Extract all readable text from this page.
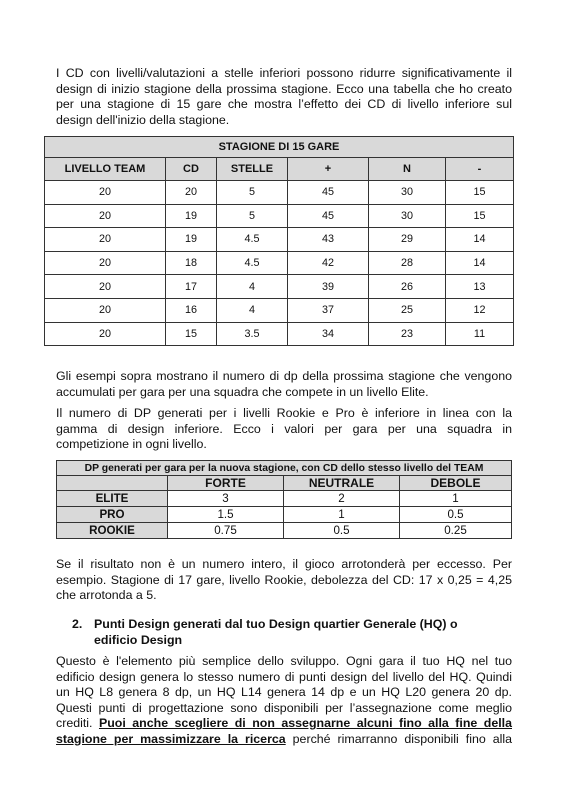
I CD con livelli/valutazioni a stelle inferiori possono ridurre significativamente il
design di inizio stagione della prossima stagione. Ecco una tabella che ho creato
per una stagione di 15 gare che mostra l’effetto dei CD di livello inferiore sul
design dell'inizio della stagione.

STAGIONE DI 15 GARE					
LIVELLO TEAM	CD	STELLE	+	N	-
20	20	5	45	30	15
20	19	5	45	30	15
20	19	4.5	43	29	14
20	18	4.5	42	28	14
20	17	4	39	26	13
20	16	4	37	25	12
20	15	3.5	34	23	11

Gli esempi sopra mostrano il numero di dp della prossima stagione che vengono
accumulati per gara per una squadra che compete in un livello Elite.

Il numero di DP generati per i livelli Rookie e Pro è inferiore in linea con la
gamma di design inferiore. Ecco i valori per gara per una squadra in
competizione in ogni livello.

DP generati per gara per la nuova stagione, con CD dello stesso livello del TEAM			
	FORTE	NEUTRALE	DEBOLE
ELITE	3	2	1
PRO	1.5	1	0.5
ROOKIE	0.75	0.5	0.25

Se il risultato non è un numero intero, il gioco arrotonderà per eccesso. Per
esempio. Stagione di 17 gare, livello Rookie, debolezza del CD: 17 x 0,25 = 4,25
che arrotonda a 5.

2. Punti Design generati dal tuo Design quartier Generale (HQ) o
edificio Design

Questo è l'elemento più semplice dello sviluppo. Ogni gara il tuo HQ nel tuo
edificio design genera lo stesso numero di punti design del livello del HQ. Quindi
un HQ L8 genera 8 dp, un HQ L14 genera 14 dp e un HQ L20 genera 20 dp.
Questi punti di progettazione sono disponibili per l’assegnazione come meglio
crediti. Puoi anche scegliere di non assegnarne alcuni fino alla fine della
stagione per massimizzare la ricerca perché rimarranno disponibili fino alla
